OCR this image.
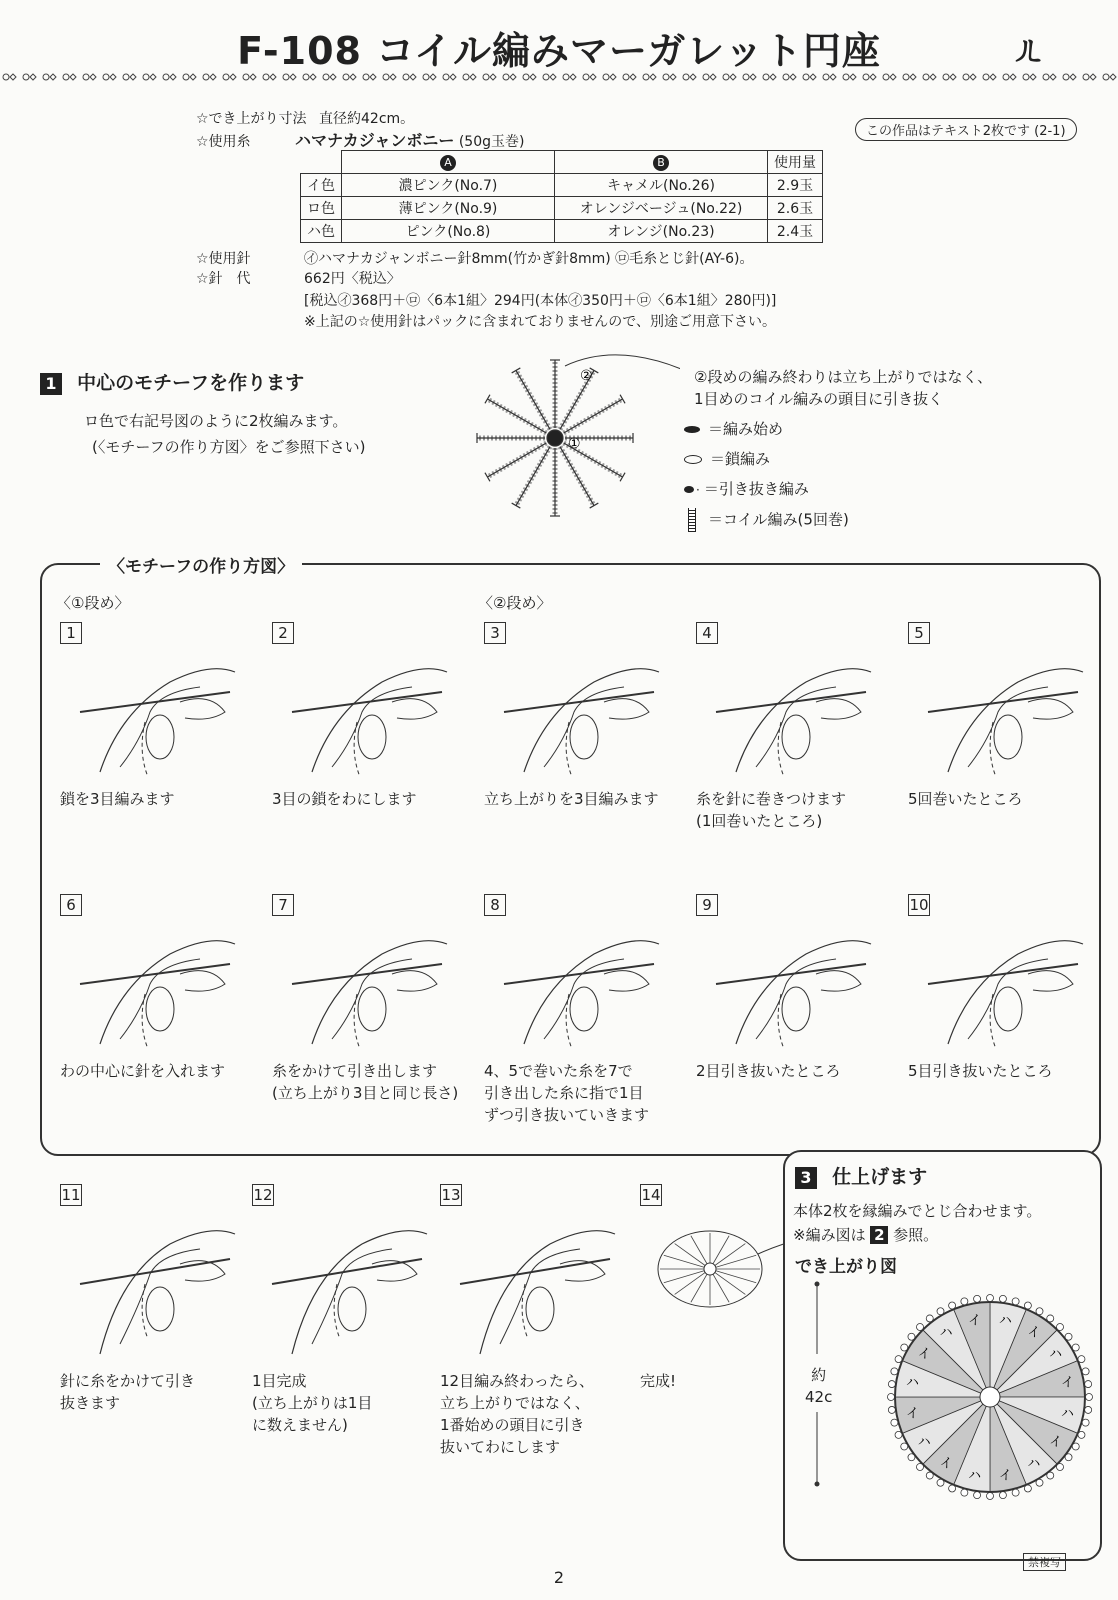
F-108 コイル編みマーガレット円座	ㄦ
☆でき上がり寸法 直径約42cm。
☆使用糸	ハマナカジャンボニー (50g玉巻)
この作品はテキスト2枚です (2-1)
	A	B	使用量
イ色	濃ピンク(No.7)	キャメル(No.26)	2.9玉
ロ色	薄ピンク(No.9)	オレンジベージュ(No.22)	2.6玉
ハ色	ピンク(No.8)	オレンジ(No.23)	2.4玉
☆使用針	㋑ハマナカジャンボニー針8mm(竹かぎ針8mm) ㋺毛糸とじ針(AY-6)。
☆針　代	662円〈税込〉
[税込㋑368円＋㋺〈6本1組〉294円(本体㋑350円＋㋺〈6本1組〉280円)]
※上記の☆使用針はパックに含まれておりませんので、別途ご用意下さい。
1 中心のモチーフを作ります
ロ色で右記号図のように2枚編みます。
(〈モチーフの作り方図〉をご参照下さい)
②
①
②段めの編み終わりは立ち上がりではなく、
1目めのコイル編みの頭目に引き抜く
＝編み始め
＝鎖編み
· ＝引き抜き編み
＝コイル編み(5回巻)
〈モチーフの作り方図〉
〈①段め〉	〈②段め〉
1
鎖を3目編みます
2
3目の鎖をわにします
3
立ち上がりを3目編みます
4
糸を針に巻きつけます
(1回巻いたところ)
5
5回巻いたところ
6
わの中心に針を入れます
7
糸をかけて引き出します
(立ち上がり3目と同じ長さ)
8
4、5で巻いた糸を7で
引き出した糸に指で1目
ずつ引き抜いていきます
9
2目引き抜いたところ
10
5目引き抜いたところ
11
針に糸をかけて引き
抜きます
12
1目完成
(立ち上がりは1目
に数えません)
13
12目編み終わったら、
立ち上がりではなく、
1番始めの頭目に引き
抜いてわにします
14
完成!
3 仕上げます
本体2枚を縁編みでとじ合わせます。
※編み図は 2 参照。
でき上がり図
約
42c
ハ
イ
ハ
イ
ハ
イ
ハ
イ
ハ
イ
ハ
イ
ハ
イ
ハ
イ
2
禁複写
